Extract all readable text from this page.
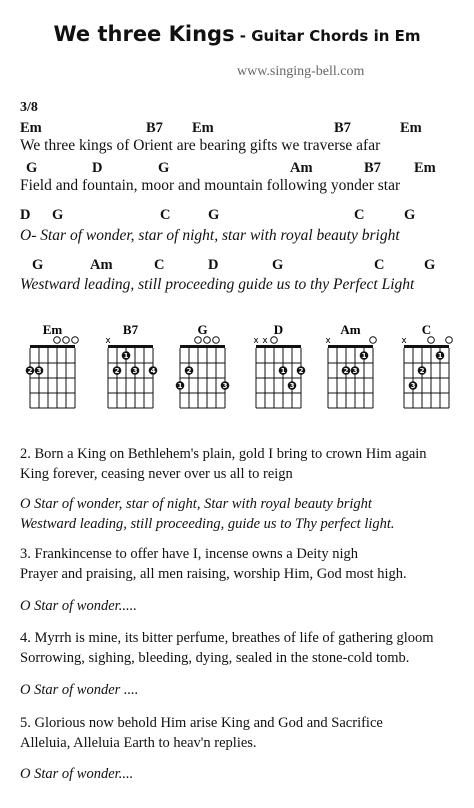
We three Kings - Guitar Chords in Em
www.singing-bell.com
3/8
Em	B7 Em	B7	Em
We three kings of Orient are bearing gifts we traverse afar
G	D	G	Am	B7 Em
Field and fountain, moor and mountain following yonder star
D G	C	G	C	G
O- Star of wonder, star of night, star with royal beauty bright
G	Am	C	D	G	C	G
Westward leading, still proceeding guide us to thy Perfect Light
Em
2 3
B7
x
1
2 3 4
G
2
1	3
D
x x
1 2
3
Am
x
1
2 3
C
x
1
2
3
2. Born a King on Bethlehem's plain, gold I bring to crown Him again
King forever, ceasing never over us all to reign
O Star of wonder, star of night, Star with royal beauty bright
Westward leading, still proceeding, guide us to Thy perfect light.
3. Frankincense to offer have I, incense owns a Deity nigh
Prayer and praising, all men raising, worship Him, God most high.
O Star of wonder.....
4. Myrrh is mine, its bitter perfume, breathes of life of gathering gloom
Sorrowing, sighing, bleeding, dying, sealed in the stone-cold tomb.
O Star of wonder ....
5. Glorious now behold Him arise King and God and Sacrifice
Alleluia, Alleluia Earth to heav'n replies.
O Star of wonder....
